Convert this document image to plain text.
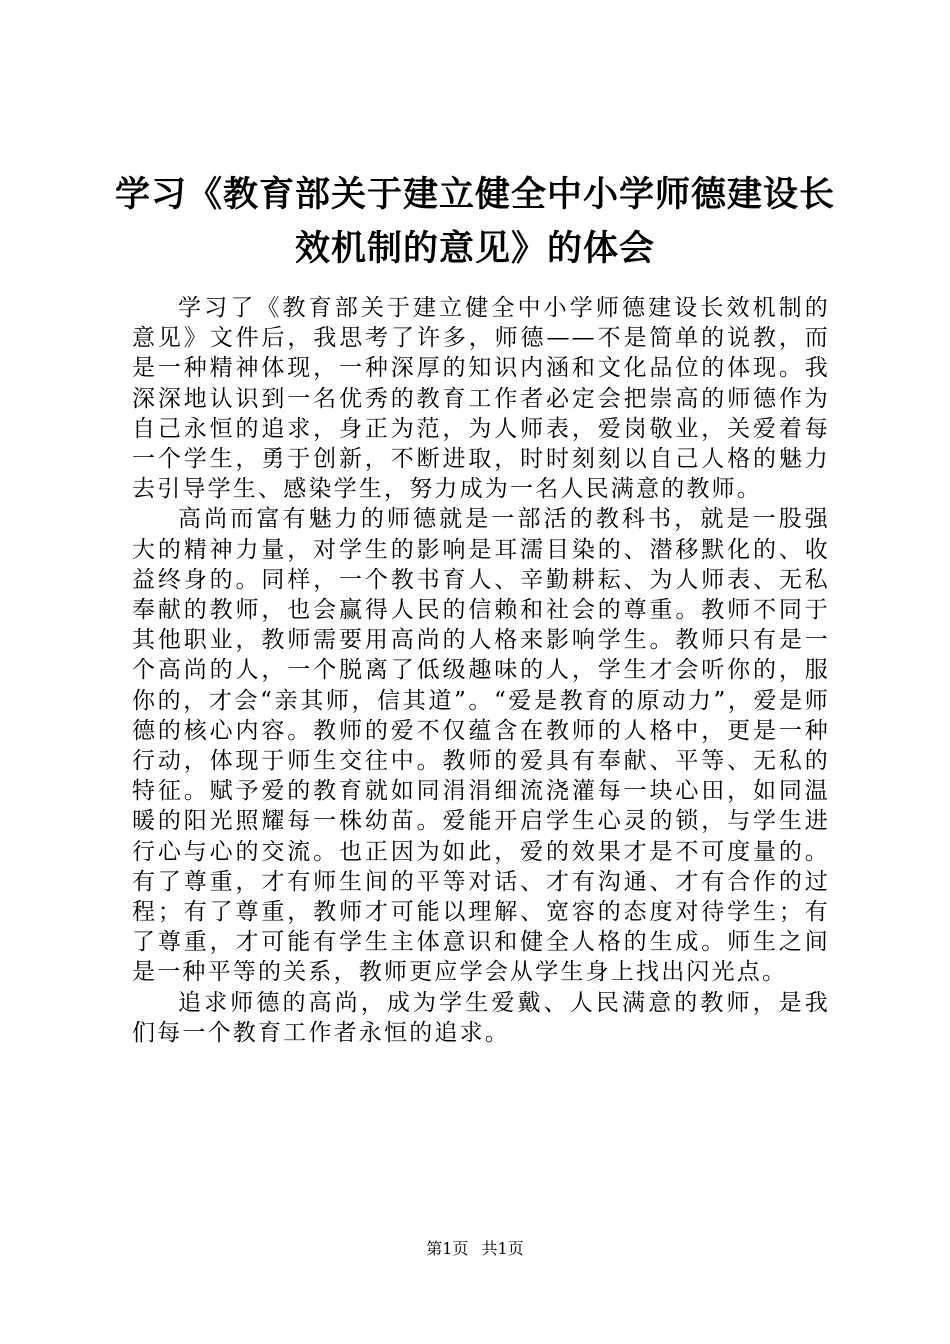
学习《教育部关于建立健全中小学师德建设长
效机制的意见》的体会

学习了《教育部关于建立健全中小学师德建设长效机制的意见》文件后，我思考了许多，师德——不是简单的说教，而是一种精神体现，一种深厚的知识内涵和文化品位的体现。我深深地认识到一名优秀的教育工作者必定会把崇高的师德作为自己永恒的追求，身正为范，为人师表，爱岗敬业，关爱着每一个学生，勇于创新，不断进取，时时刻刻以自己人格的魅力去引导学生、感染学生，努力成为一名人民满意的教师。

高尚而富有魅力的师德就是一部活的教科书，就是一股强大的精神力量，对学生的影响是耳濡目染的、潜移默化的、收益终身的。同样，一个教书育人、辛勤耕耘、为人师表、无私奉献的教师，也会赢得人民的信赖和社会的尊重。教师不同于其他职业，教师需要用高尚的人格来影响学生。教师只有是一个高尚的人，一个脱离了低级趣味的人，学生才会听你的，服你的，才会“亲其师，信其道”。“爱是教育的原动力”，爱是师德的核心内容。教师的爱不仅蕴含在教师的人格中，更是一种行动，体现于师生交往中。教师的爱具有奉献、平等、无私的特征。赋予爱的教育就如同涓涓细流浇灌每一块心田，如同温暖的阳光照耀每一株幼苗。爱能开启学生心灵的锁，与学生进行心与心的交流。也正因为如此，爱的效果才是不可度量的。有了尊重，才有师生间的平等对话、才有沟通、才有合作的过程；有了尊重，教师才可能以理解、宽容的态度对待学生；有了尊重，才可能有学生主体意识和健全人格的生成。师生之间是一种平等的关系，教师更应学会从学生身上找出闪光点。

追求师德的高尚，成为学生爱戴、人民满意的教师，是我们每一个教育工作者永恒的追求。

第1页 共1页
